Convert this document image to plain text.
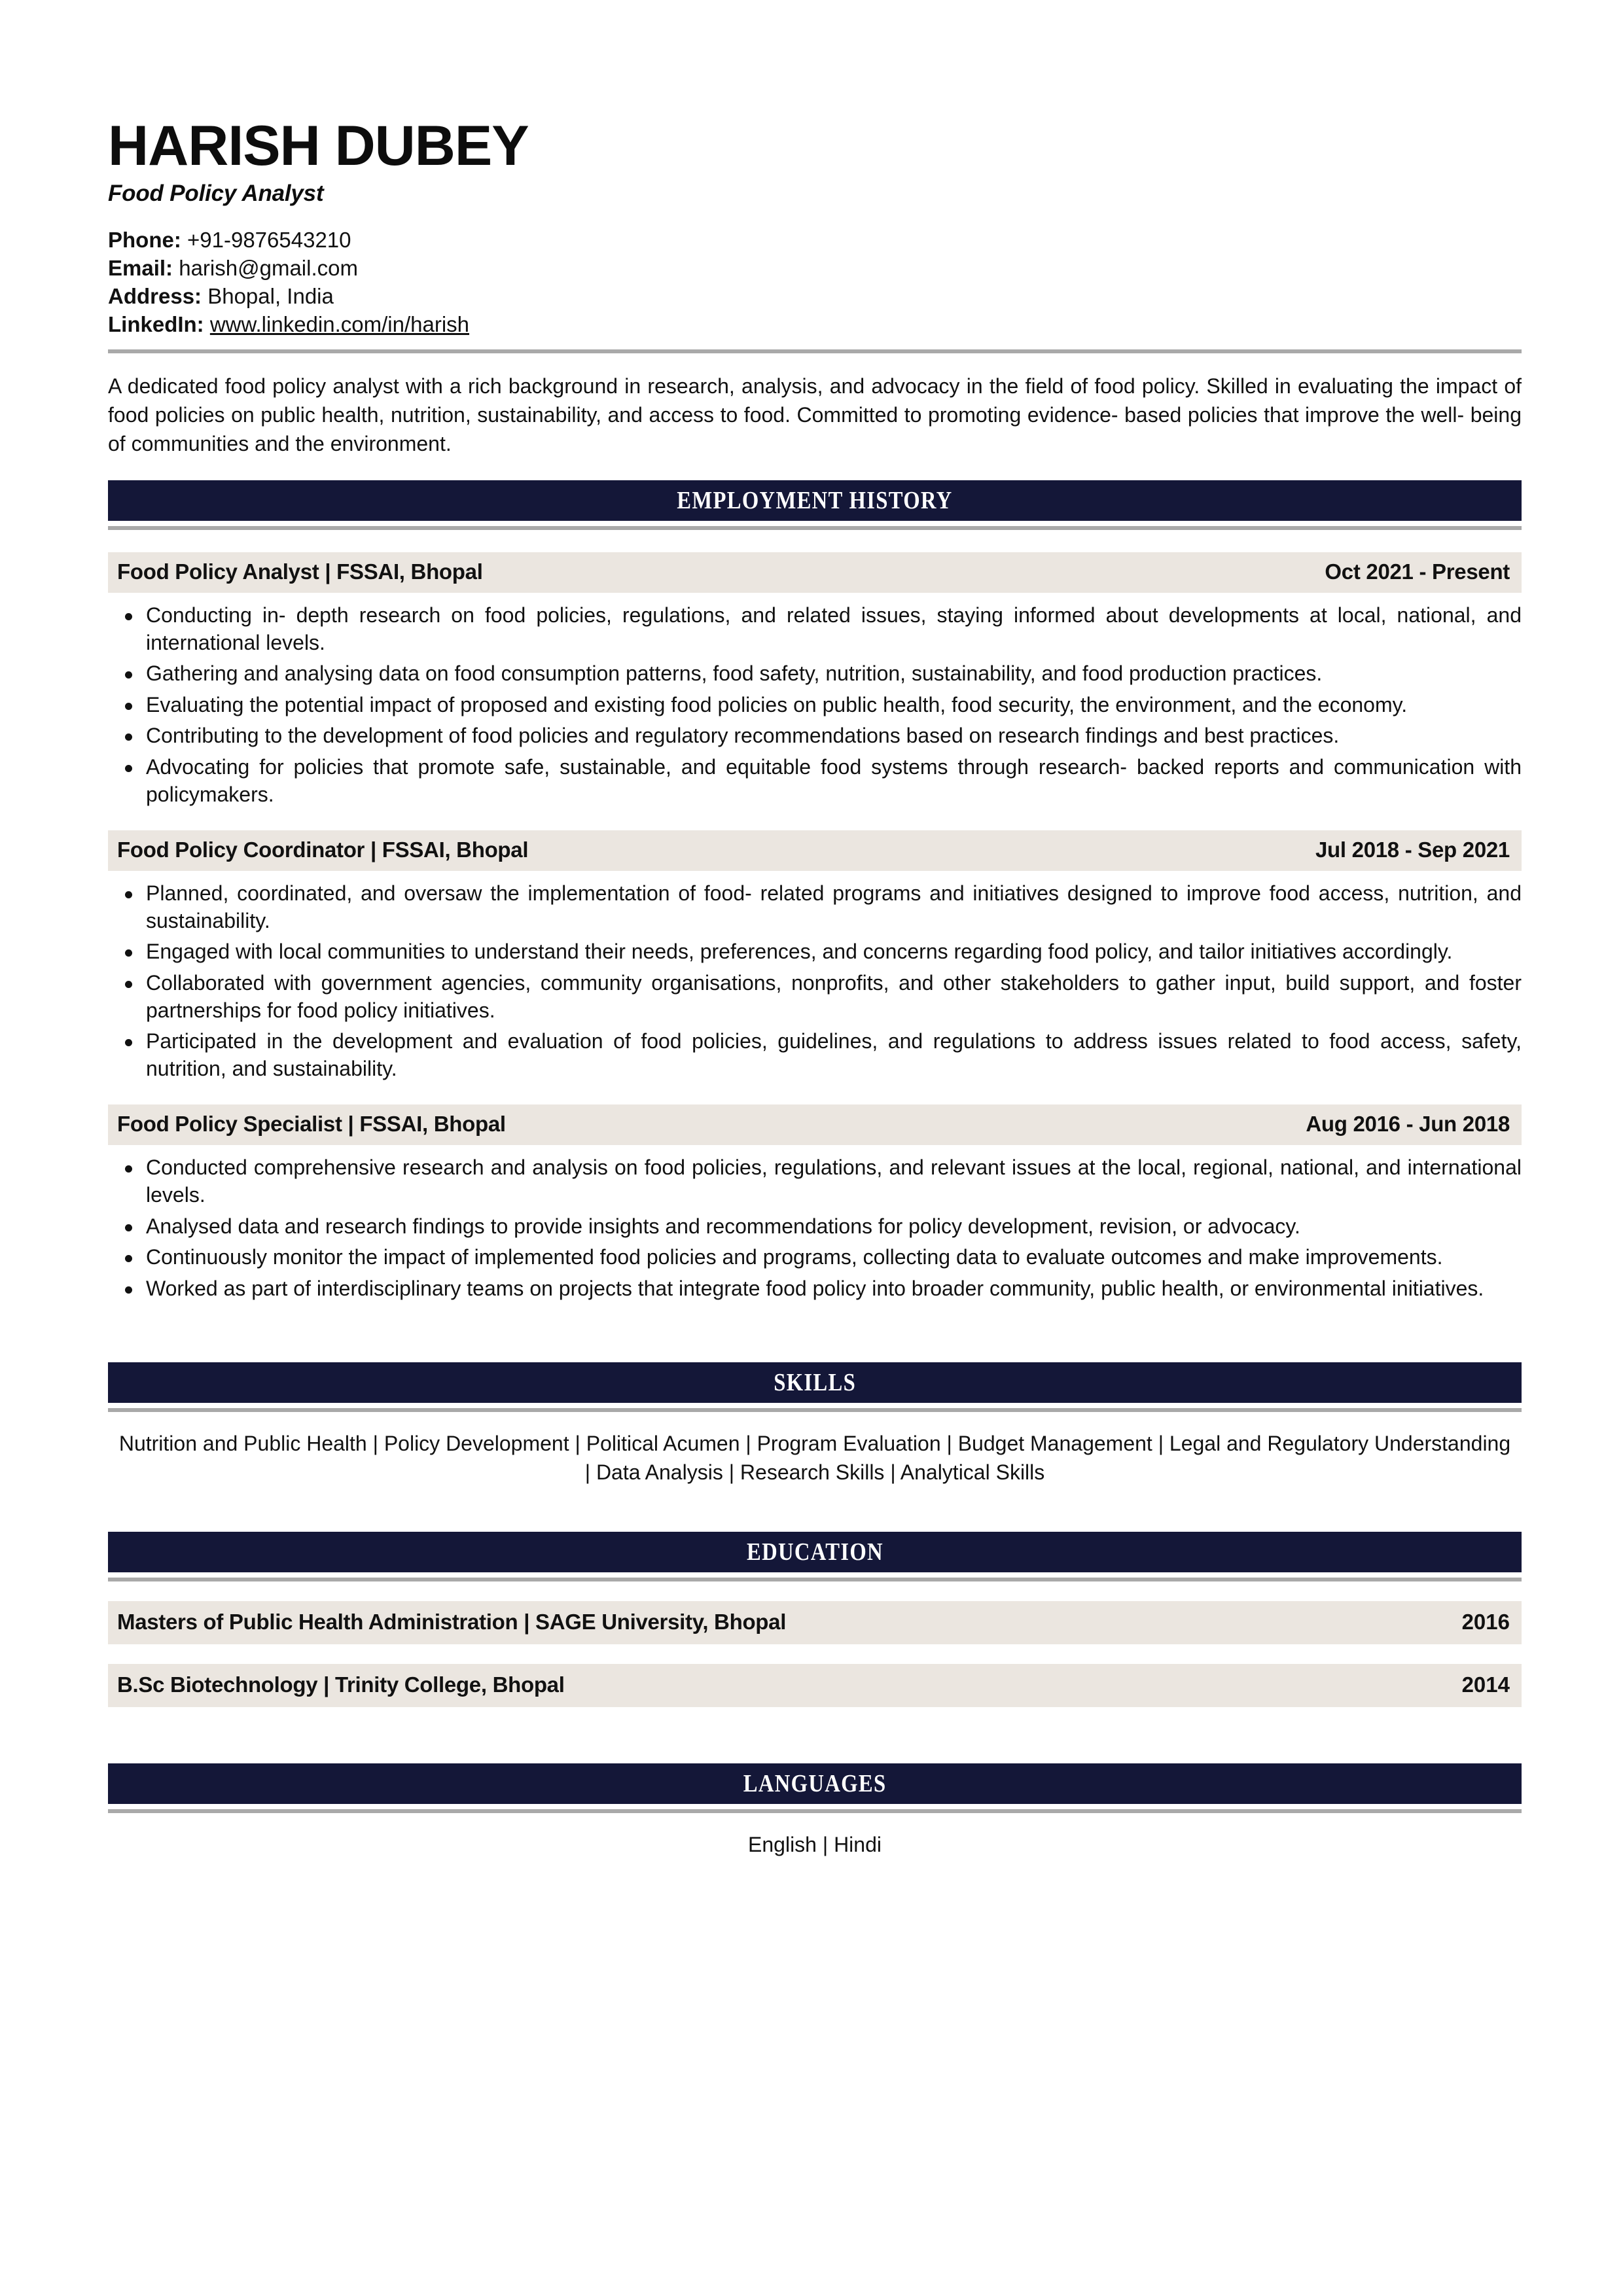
HARISH DUBEY
Food Policy Analyst
Phone: +91-9876543210
Email: harish@gmail.com
Address: Bhopal, India
LinkedIn: www.linkedin.com/in/harish
A dedicated food policy analyst with a rich background in research, analysis, and advocacy in the field of food policy. Skilled in evaluating the impact of food policies on public health, nutrition, sustainability, and access to food. Committed to promoting evidence- based policies that improve the well- being of communities and the environment.
EMPLOYMENT HISTORY
Food Policy Analyst | FSSAI, Bhopal	Oct 2021 - Present
Conducting in- depth research on food policies, regulations, and related issues, staying informed about developments at local, national, and international levels.
Gathering and analysing data on food consumption patterns, food safety, nutrition, sustainability, and food production practices.
Evaluating the potential impact of proposed and existing food policies on public health, food security, the environment, and the economy.
Contributing to the development of food policies and regulatory recommendations based on research findings and best practices.
Advocating for policies that promote safe, sustainable, and equitable food systems through research- backed reports and communication with policymakers.
Food Policy Coordinator | FSSAI, Bhopal	Jul 2018 - Sep 2021
Planned, coordinated, and oversaw the implementation of food- related programs and initiatives designed to improve food access, nutrition, and sustainability.
Engaged with local communities to understand their needs, preferences, and concerns regarding food policy, and tailor initiatives accordingly.
Collaborated with government agencies, community organisations, nonprofits, and other stakeholders to gather input, build support, and foster partnerships for food policy initiatives.
Participated in the development and evaluation of food policies, guidelines, and regulations to address issues related to food access, safety, nutrition, and sustainability.
Food Policy Specialist | FSSAI, Bhopal	Aug 2016 - Jun 2018
Conducted comprehensive research and analysis on food policies, regulations, and relevant issues at the local, regional, national, and international levels.
Analysed data and research findings to provide insights and recommendations for policy development, revision, or advocacy.
Continuously monitor the impact of implemented food policies and programs, collecting data to evaluate outcomes and make improvements.
Worked as part of interdisciplinary teams on projects that integrate food policy into broader community, public health, or environmental initiatives.
SKILLS
Nutrition and Public Health | Policy Development | Political Acumen | Program Evaluation | Budget Management | Legal and Regulatory Understanding | Data Analysis | Research Skills | Analytical Skills
EDUCATION
Masters of Public Health Administration | SAGE University, Bhopal	2016
B.Sc Biotechnology | Trinity College, Bhopal	2014
LANGUAGES
English | Hindi
